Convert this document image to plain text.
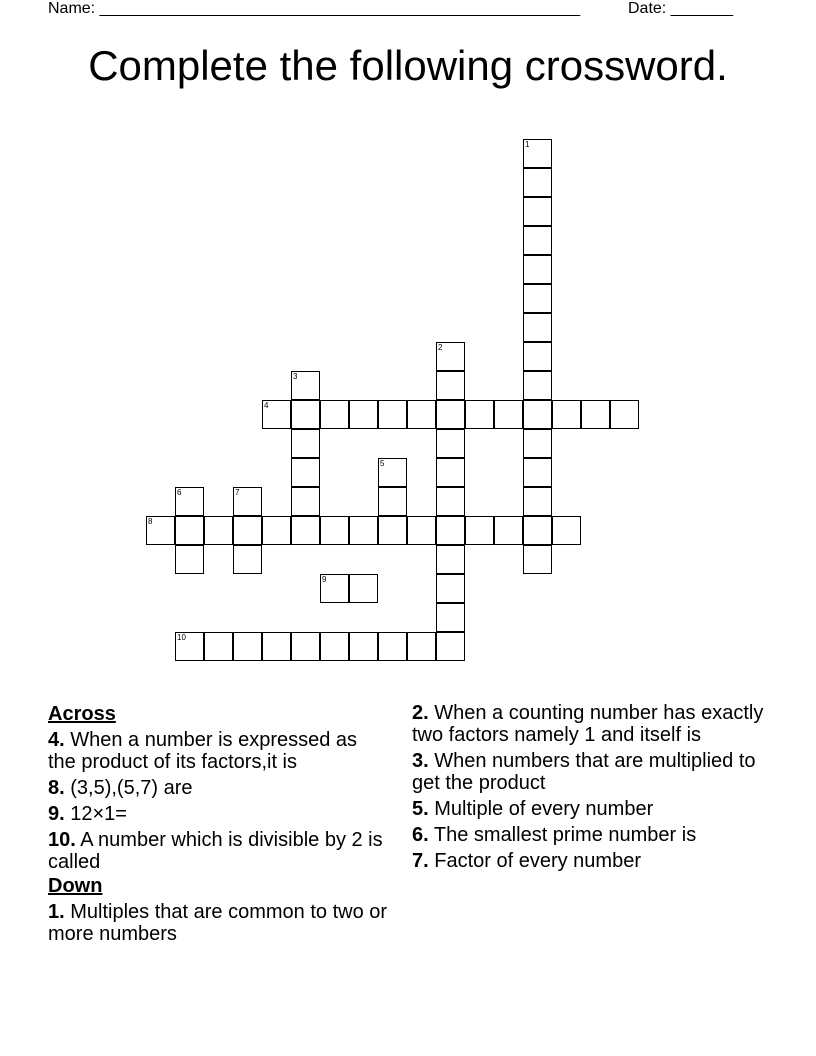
Name: ______________________________________________________	Date: _______
Complete the following crossword.
1
2
3
4
5
6	7
8
9
10
Across
4. When a number is expressed as the product of its factors,it is
8. (3,5),(5,7) are
9. 12×1=
10. A number which is divisible by 2 is called
Down
1. Multiples that are common to two or more numbers
2. When a counting number has exactly two factors namely 1 and itself is
3. When numbers that are multiplied to get the product
5. Multiple of every number
6. The smallest prime number is
7. Factor of every number
